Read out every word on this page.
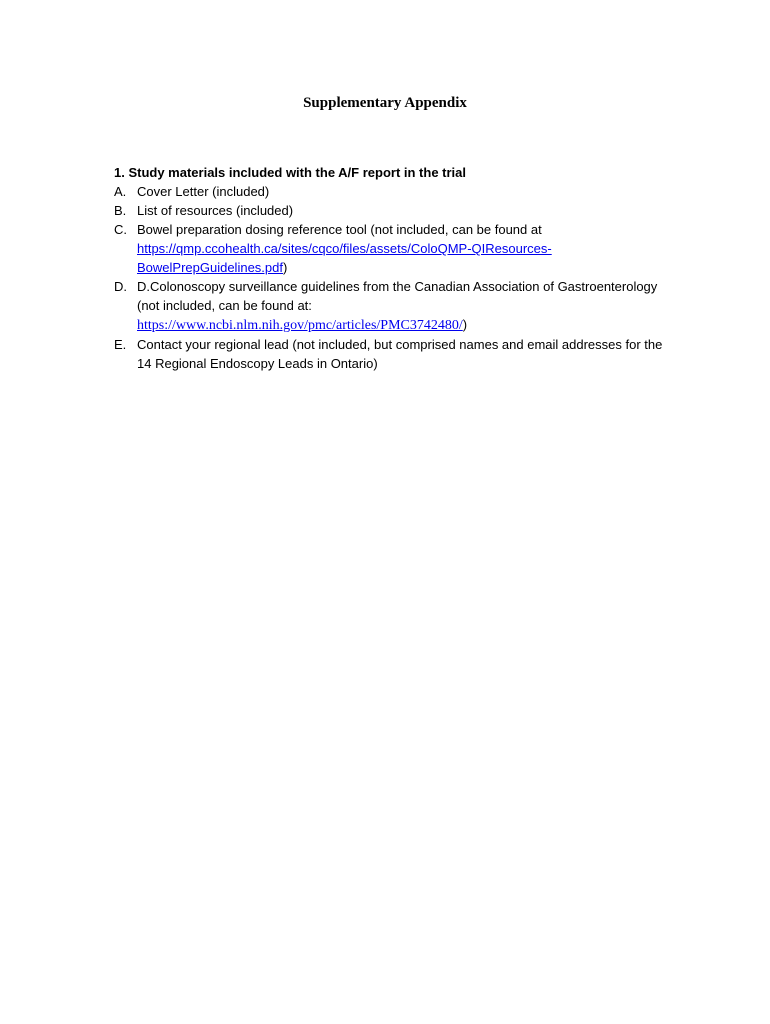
Supplementary Appendix

1. Study materials included with the A/F report in the trial

A. Cover Letter (included)
B. List of resources (included)
C. Bowel preparation dosing reference tool (not included, can be found at
https://qmp.ccohealth.ca/sites/cqco/files/assets/ColoQMP-QIResources-
BowelPrepGuidelines.pdf)
D. D.Colonoscopy surveillance guidelines from the Canadian Association of Gastroenterology (not included, can be found at:
https://www.ncbi.nlm.nih.gov/pmc/articles/PMC3742480/)
E. Contact your regional lead (not included, but comprised names and email addresses for the 14 Regional Endoscopy Leads in Ontario)
